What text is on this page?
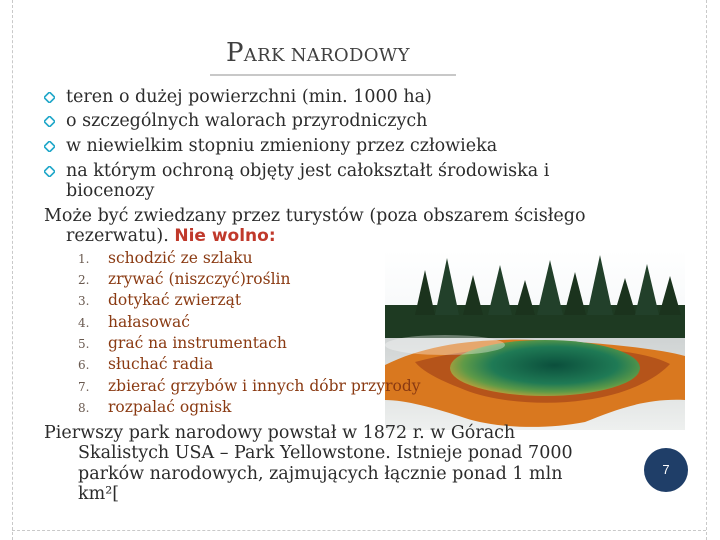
PARK NARODOWY
teren o dużej powierzchni (min. 1000 ha)
o szczególnych walorach przyrodniczych
w niewielkim stopniu zmieniony przez człowieka
na którym ochroną objęty jest całokształt środowiska i
biocenozy
Może być zwiedzany przez turystów (poza obszarem ścisłego
rezerwatu). Nie wolno:
1.	schodzić ze szlaku
2.	zrywać (niszczyć)roślin
3.	dotykać zwierząt
4.	hałasować
5.	grać na instrumentach
6.	słuchać radia
7.	zbierać grzybów i innych dóbr przyrody
8.	rozpalać ognisk
Pierwszy park narodowy powstał w 1872 r. w Górach
Skalistych USA – Park Yellowstone. Istnieje ponad 7000
parków narodowych, zajmujących łącznie ponad 1 mln
km²[
7
